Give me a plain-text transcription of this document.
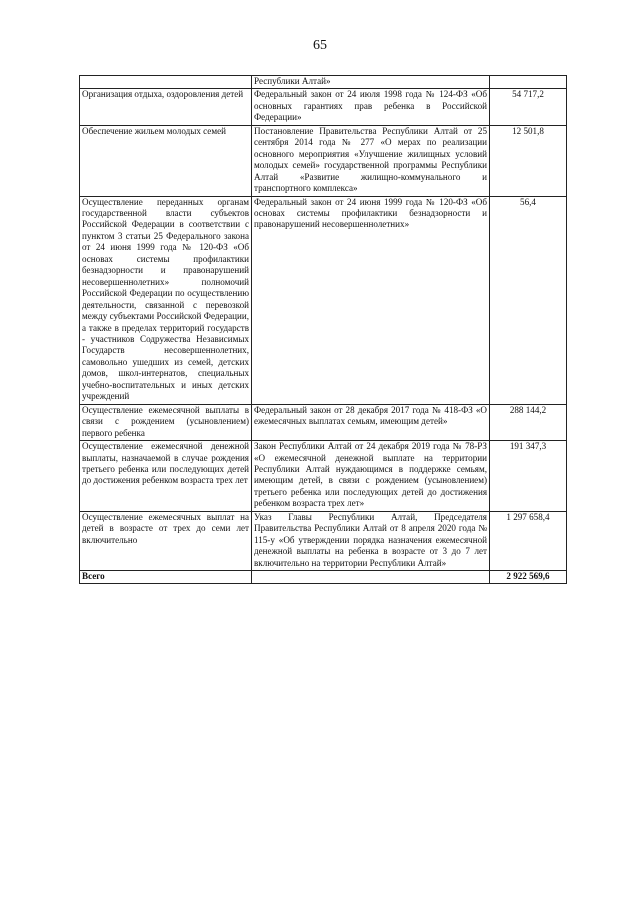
65
	Республики Алтай»	
Организация отдыха, оздоровления детей	Федеральный закон от 24 июля 1998 года № 124-ФЗ «Об основных гарантиях прав ребенка в Российской Федерации»	54 717,2
Обеспечение жильем молодых семей	Постановление Правительства Республики Алтай от 25 сентября 2014 года № 277 «О мерах по реализации основного мероприятия «Улучшение жилищных условий молодых семей» государственной программы Республики Алтай «Развитие жилищно-коммунального и транспортного комплекса»	12 501,8
Осуществление переданных органам государственной власти субъектов Российской Федерации в соответствии с пунктом 3 статьи 25 Федерального закона от 24 июня 1999 года № 120-ФЗ «Об основах системы профилактики безнадзорности и правонарушений несовершеннолетних» полномочий Российской Федерации по осуществлению деятельности, связанной с перевозкой между субъектами Российской Федерации, а также в пределах территорий государств - участников Содружества Независимых Государств несовершеннолетних, самовольно ушедших из семей, детских домов, школ-интернатов, специальных учебно-воспитательных и иных детских учреждений	Федеральный закон от 24 июня 1999 года № 120-ФЗ «Об основах системы профилактики безнадзорности и правонарушений несовершеннолетних»	56,4
Осуществление ежемесячной выплаты в связи с рождением (усыновлением) первого ребенка	Федеральный закон от 28 декабря 2017 года № 418-ФЗ «О ежемесячных выплатах семьям, имеющим детей»	288 144,2
Осуществление ежемесячной денежной выплаты, назначаемой в случае рождения третьего ребенка или последующих детей до достижения ребенком возраста трех лет	Закон Республики Алтай от 24 декабря 2019 года № 78-РЗ «О ежемесячной денежной выплате на территории Республики Алтай нуждающимся в поддержке семьям, имеющим детей, в связи с рождением (усыновлением) третьего ребенка или последующих детей до достижения ребенком возраста трех лет»	191 347,3
Осуществление ежемесячных выплат на детей в возрасте от трех до семи лет включительно	Указ Главы Республики Алтай, Председателя Правительства Республики Алтай от 8 апреля 2020 года № 115-у «Об утверждении порядка назначения ежемесячной денежной выплаты на ребенка в возрасте от 3 до 7 лет включительно на территории Республики Алтай»	1 297 658,4
Всего		2 922 569,6
